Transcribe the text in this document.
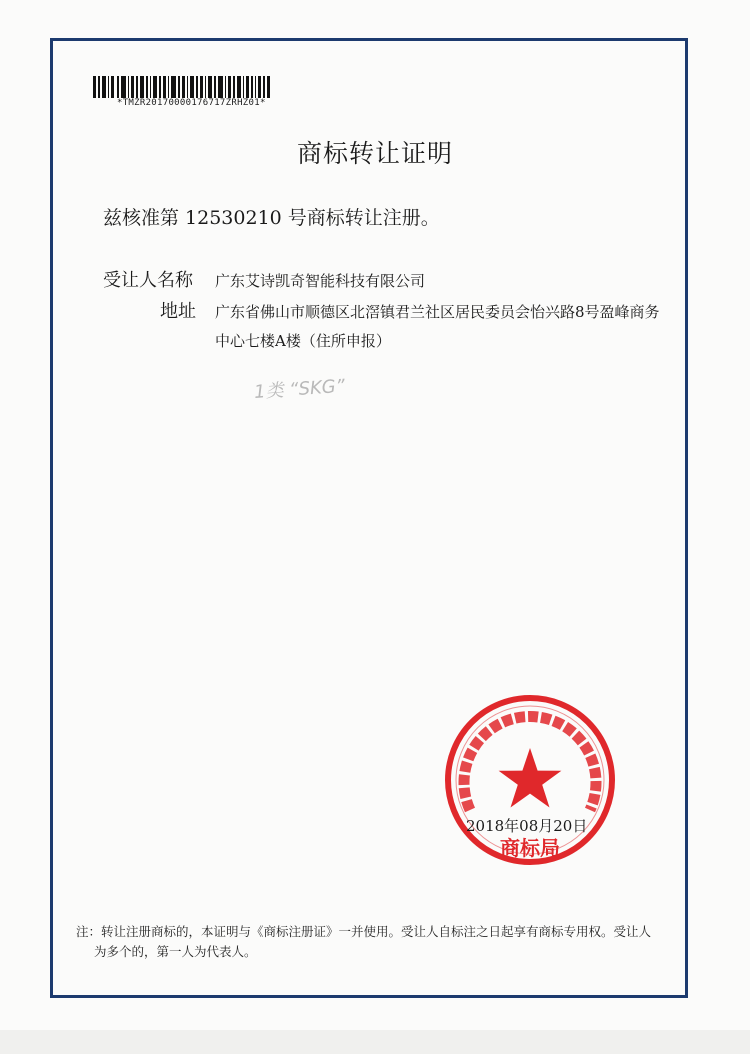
*TMZR20170000176717ZRHZ01*
商标转让证明
兹核准第 12530210 号商标转让注册。
受让人名称 广东艾诗凯奇智能科技有限公司
地址 广东省佛山市顺德区北滘镇君兰社区居民委员会怡兴路8号盈峰商务
中心七楼A楼（住所申报）
1类 “SKG”
商标局
2018年08月20日
注：转让注册商标的，本证明与《商标注册证》一并使用。受让人自标注之日起享有商标专用权。受让人
为多个的，第一人为代表人。
